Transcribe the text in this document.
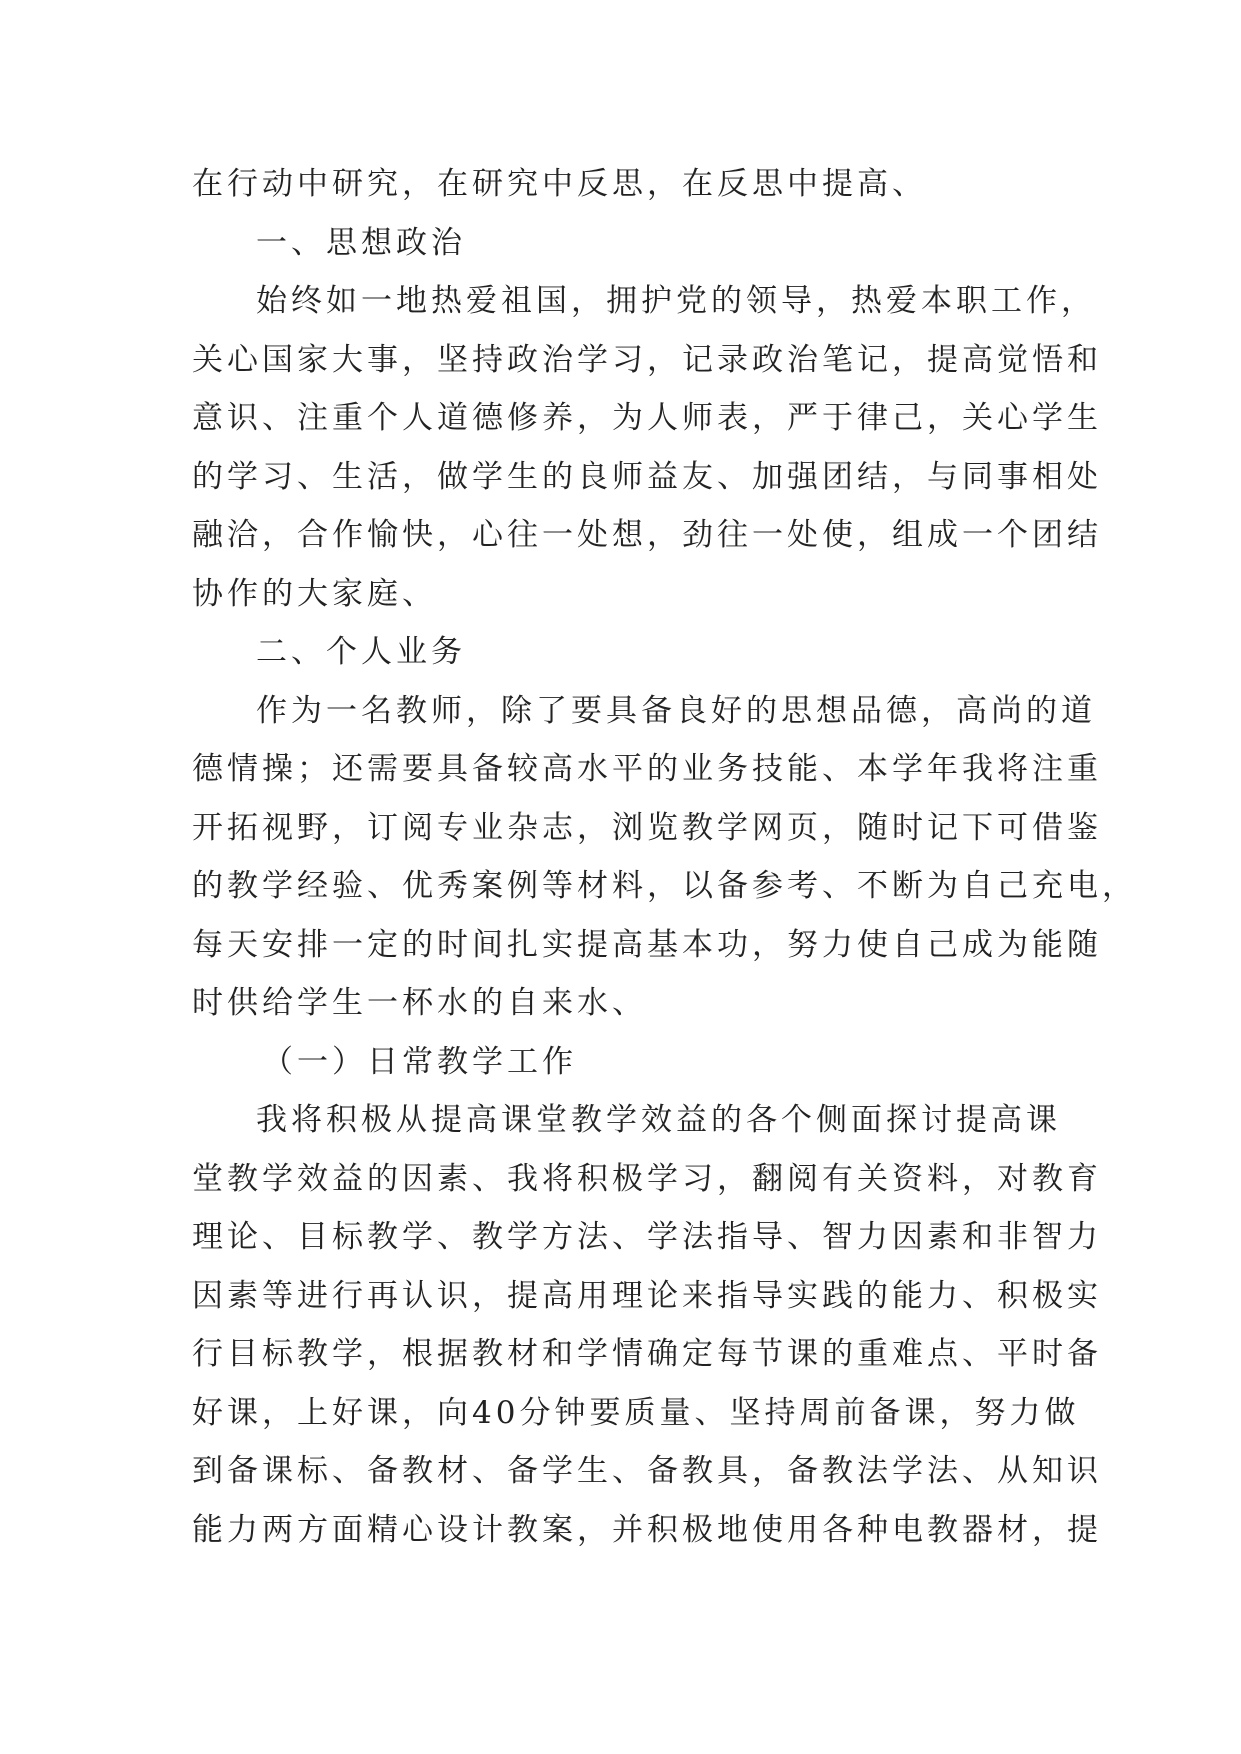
在行动中研究，在研究中反思，在反思中提高、
一、思想政治
始终如一地热爱祖国，拥护党的领导，热爱本职工作，
关心国家大事，坚持政治学习，记录政治笔记，提高觉悟和
意识、注重个人道德修养，为人师表，严于律己，关心学生
的学习、生活，做学生的良师益友、加强团结，与同事相处
融洽，合作愉快，心往一处想，劲往一处使，组成一个团结
协作的大家庭、
二、个人业务
作为一名教师，除了要具备良好的思想品德，高尚的道
德情操；还需要具备较高水平的业务技能、本学年我将注重
开拓视野，订阅专业杂志，浏览教学网页，随时记下可借鉴
的教学经验、优秀案例等材料，以备参考、不断为自己充电，
每天安排一定的时间扎实提高基本功，努力使自己成为能随
时供给学生一杯水的自来水、
（一）日常教学工作
我将积极从提高课堂教学效益的各个侧面探讨提高课
堂教学效益的因素、我将积极学习，翻阅有关资料，对教育
理论、目标教学、教学方法、学法指导、智力因素和非智力
因素等进行再认识，提高用理论来指导实践的能力、积极实
行目标教学，根据教材和学情确定每节课的重难点、平时备
好课，上好课，向40分钟要质量、坚持周前备课，努力做
到备课标、备教材、备学生、备教具，备教法学法、从知识
能力两方面精心设计教案，并积极地使用各种电教器材，提
